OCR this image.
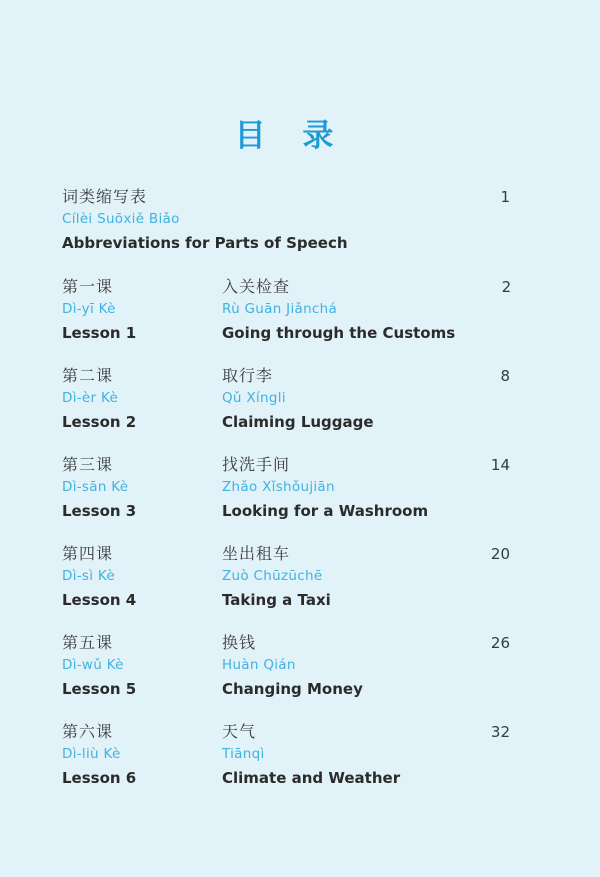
目 录
词类缩写表	1
Cílèi Suōxiě Biǎo
Abbreviations for Parts of Speech
第一课	入关检查	2
Dì-yī Kè	Rù Guān Jiǎnchá
Lesson 1	Going through the Customs
第二课	取行李	8
Dì-èr Kè	Qǔ Xíngli
Lesson 2	Claiming Luggage
第三课	找洗手间	14
Dì-sān Kè	Zhǎo Xǐshǒujiān
Lesson 3	Looking for a Washroom
第四课	坐出租车	20
Dì-sì Kè	Zuò Chūzūchē
Lesson 4	Taking a Taxi
第五课	换钱	26
Dì-wǔ Kè	Huàn Qián
Lesson 5	Changing Money
第六课	天气	32
Dì-liù Kè	Tiānqì
Lesson 6	Climate and Weather
